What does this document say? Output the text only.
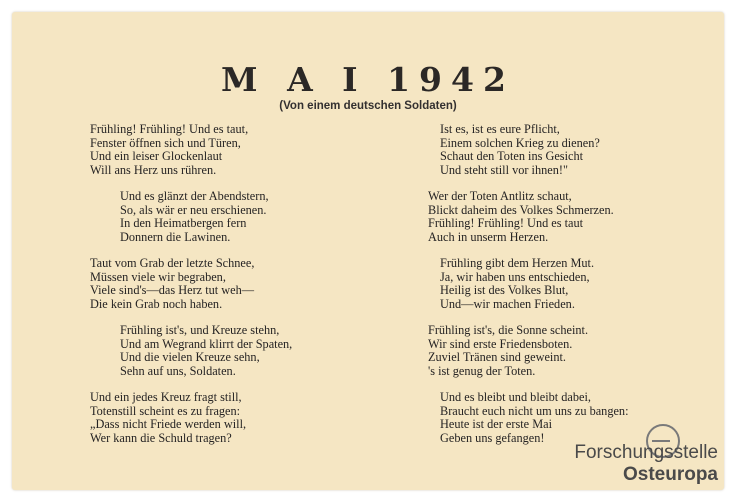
M A I 1942
(Von einem deutschen Soldaten)
Frühling! Frühling! Und es taut,
Fenster öffnen sich und Türen,
Und ein leiser Glockenlaut
Will ans Herz uns rühren.
Und es glänzt der Abendstern,
So, als wär er neu erschienen.
In den Heimatbergen fern
Donnern die Lawinen.
Taut vom Grab der letzte Schnee,
Müssen viele wir begraben,
Viele sind's—das Herz tut weh—
Die kein Grab noch haben.
Frühling ist's, und Kreuze stehn,
Und am Wegrand klirrt der Spaten,
Und die vielen Kreuze sehn,
Sehn auf uns, Soldaten.
Und ein jedes Kreuz fragt still,
Totenstill scheint es zu fragen:
„Dass nicht Friede werden will,
Wer kann die Schuld tragen?
Ist es, ist es eure Pflicht,
Einem solchen Krieg zu dienen?
Schaut den Toten ins Gesicht
Und steht still vor ihnen!"
Wer der Toten Antlitz schaut,
Blickt daheim des Volkes Schmerzen.
Frühling! Frühling! Und es taut
Auch in unserm Herzen.
Frühling gibt dem Herzen Mut.
Ja, wir haben uns entschieden,
Heilig ist des Volkes Blut,
Und—wir machen Frieden.
Frühling ist's, die Sonne scheint.
Wir sind erste Friedensboten.
Zuviel Tränen sind geweint.
's ist genug der Toten.
Und es bleibt und bleibt dabei,
Braucht euch nicht um uns zu bangen:
Heute ist der erste Mai
Geben uns gefangen!
Forschungsstelle
Osteuropa
